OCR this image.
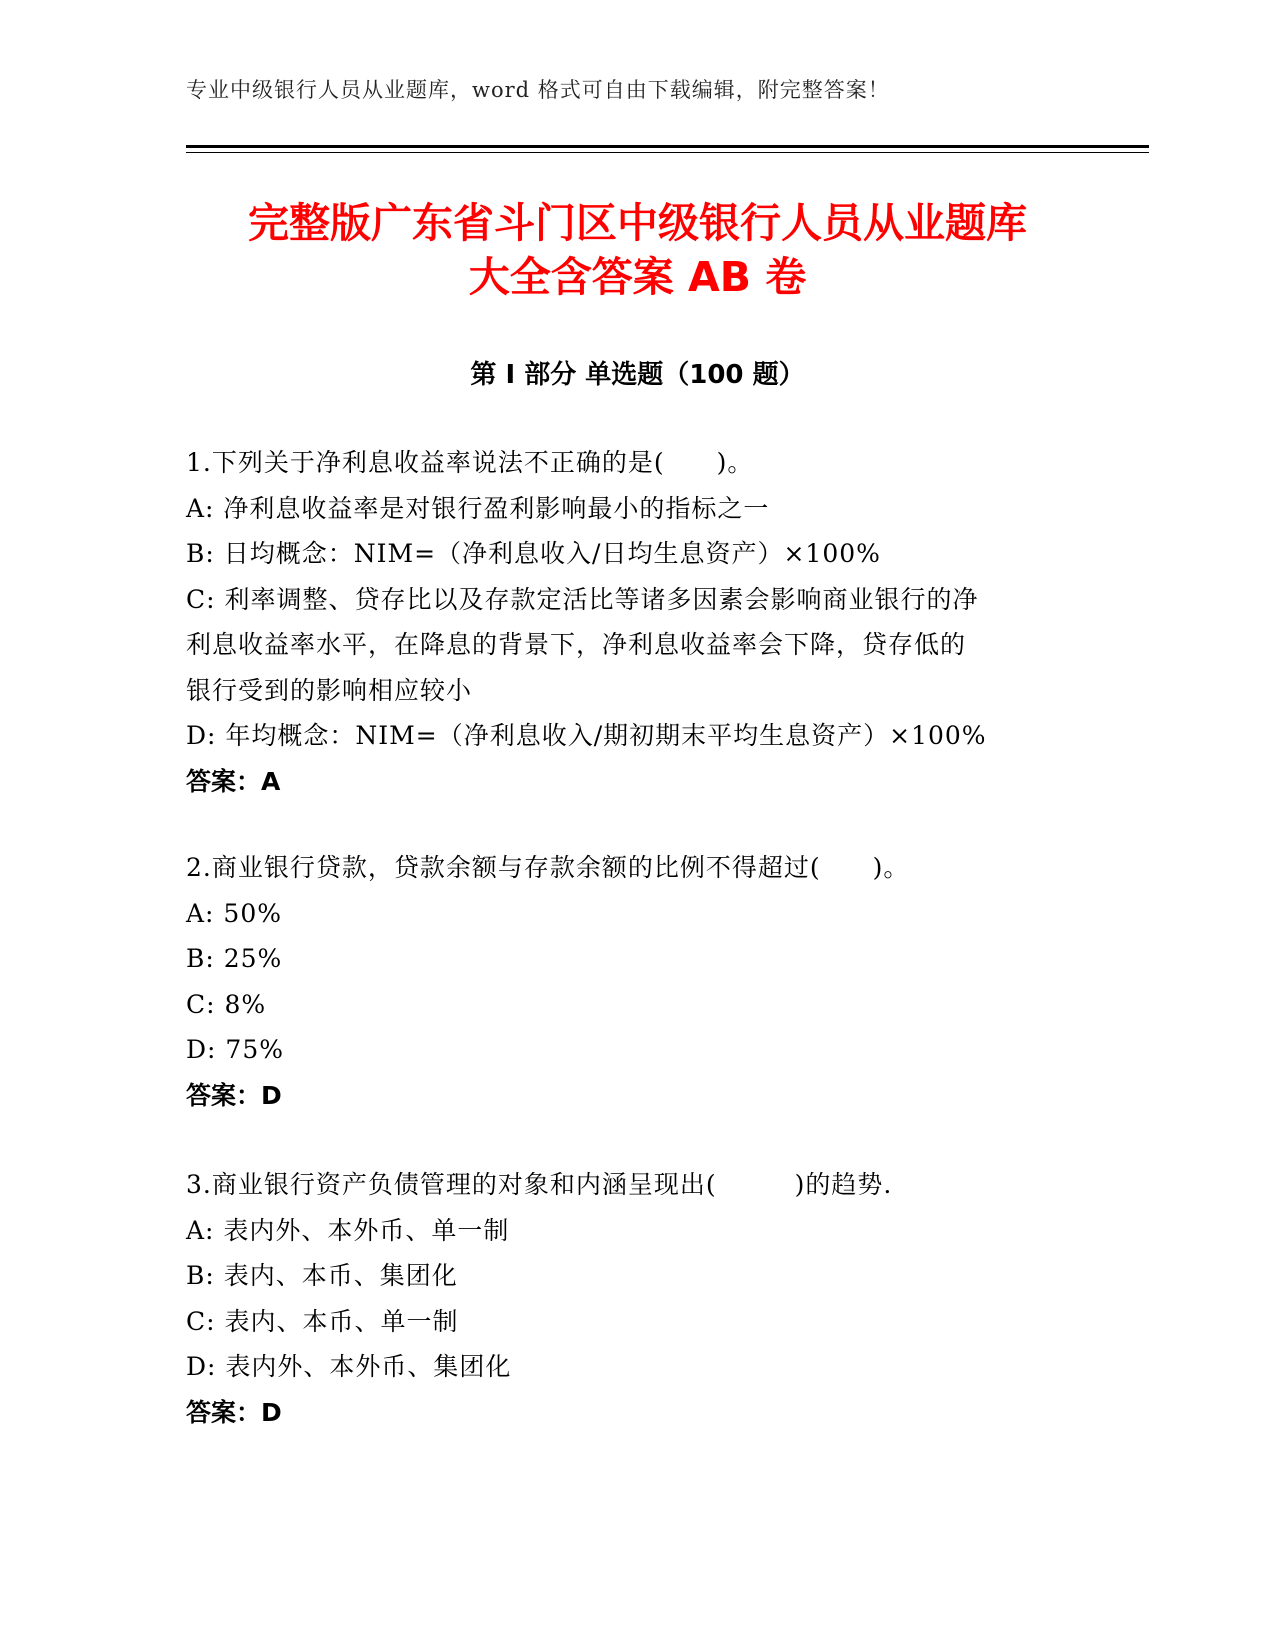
专业中级银行人员从业题库，word 格式可自由下载编辑，附完整答案！
完整版广东省斗门区中级银行人员从业题库
大全含答案 AB 卷
第 I 部分 单选题（100 题）
1.下列关于净利息收益率说法不正确的是(　　)。
A: 净利息收益率是对银行盈利影响最小的指标之一
B: 日均概念：NIM=（净利息收入/日均生息资产）×100%
C: 利率调整、贷存比以及存款定活比等诸多因素会影响商业银行的净
利息收益率水平，在降息的背景下，净利息收益率会下降，贷存低的
银行受到的影响相应较小
D: 年均概念：NIM=（净利息收入/期初期末平均生息资产）×100%
答案：A
2.商业银行贷款，贷款余额与存款余额的比例不得超过(　　)。
A: 50%
B: 25%
C: 8%
D: 75%
答案：D
3.商业银行资产负债管理的对象和内涵呈现出(　　　)的趋势.
A: 表内外、本外币、单一制
B: 表内、本币、集团化
C: 表内、本币、单一制
D: 表内外、本外币、集团化
答案：D
